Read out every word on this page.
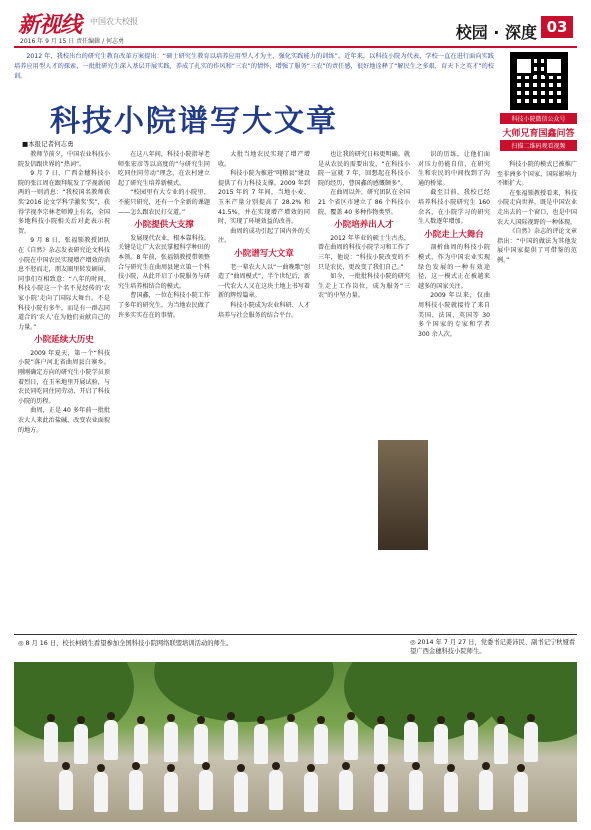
新视线 中国农大校报
2016 年 9 月 15 日 责任编辑 / 何志勇	校园 · 深度 03

2012 年，我校出台的研究生教育改革方案提出：“硕士研究生教育以培养应用型人才为主，强化实践能力的训练”。近年来，以科技小院为代表，学校一直在进行面向实践培养应用型人才的探索，一批批研究生深入基层开展实践，养成了扎实的作风和“三农”的情怀，增强了服务“三农”的责任感，很好地诠释了“解民生之多艰，育天下之英才”的校训。

科技小院微信公众号
大师兄育国鑫问答
扫描二维码观看视频
科技小院谱写大文章
■本报记者何志勇

教师节前夕，中国农业科技小院发信跟世界的“热词”。

9 月 7 日，广西金穗科技小院的张江周在跟拜航发了学视新闻两的一则消息：“我校国名教师获奖‘2016 论文学科学激奖’奖”，获得学视李宗林老师博上有名，全国多地科技小院相关后对此表示祝贺。

9 月 8 日，张福锁教授团队在《自然》杂志发表研究论文科技小院在中国农民实现增产增效的消息不胫而走，朋友圈里转发刷屏，同事们互相致意：“八年的时间，科技小院这一个名不见经传的‘农家小院’走向了国际大舞台。不是科技小院有多牛，而是有一群志同道合的‘农人’在为他们贡献自己的力量。”

小院延续大历史

2009 年夏天，第一个“科技小院”落户河北省曲周县白寨乡。刚刚确定方向的研究生小院学员顶着烈日，在玉米地里开展试验，与农民同吃同住同劳动，开启了科技小院的历程。

曲周，正是 40 多年前一批批农大人来此治盐碱、改变农业面貌的地方。

在这八年间，科技小院指导老师张宏彦等以高度的“与研究生同吃同住同劳动”理念，在农村建立起了研究生培养新模式。

“校园里有大专业的小院里，不能只研究，还有一个全新的课题——怎么跟农民打交道。”

小院提供大支撑

发展现代农业，根本靠科技。关键是让广大农民掌握科学种田的本领。8 年前，张福锁教授带领整合与研究生在曲周县建立第一个科技小院，从此开启了小院服务与研究生培养相结合的模式。

曹国鑫，一位在科技小院工作了多年的研究生，为当地农民做了许多实实在在的事情。

大批当地农民实现了增产增收。

科技小院为推进“吨粮县”建设提供了有力科技支撑。2009 年到 2015 年的 7 年间，当地小麦、玉米产量分别提高了 28.2% 和 41.5%，并在实现增产增效的同时，实现了环境效益的改善。

曲周的成功引起了国内外的关注。

小院谱写大文章

老一辈农大人以“一曲晚歌”创造了“曲周模式”，半个世纪后，新一代农大人又在这块土地上书写着新的辉煌篇章。

科技小院成为农业科研、人才培养与社会服务的结合平台。

也让我的研究日标更明确。就是从农民的需要出发，“在科技小院一宣就 7 年，回想起在科技小院的经历，曹国鑫的感慨颇多”。

在曲周以外，研究团队在全国 21 个省区市建立了 86 个科技小院，覆盖 40 多种作物类型。

小院培养出人才

2012 年毕业的硕士生古杰，曾在曲周的科技小院学习和工作了三年，他说：“科技小院改变的不只是农民，更改变了我们自己。”

如今，一批批科技小院的研究生走上工作岗位，成为服务“三农”的中坚力量。

识的历练，让他们面对压力仍能自信，在研究生和农民的中间找到了沟通的桥梁。

截至目前，我校已经培养科技小院研究生 160 余名，在小院学习的研究生人数逐年增加。

小院走上大舞台

剖析曲周的科技小院模式，作为中国农业实现绿色发展的一种有效途径，这一模式正在被越来越多的国家关注。

2009 年以来，仅曲周科技小院就接待了来自美国、法国、英国等 30 多个国家的专家和学者 300 余人次。

科技小院的模式已被推广至非洲多个国家，国际影响力不断扩大。

在张福锁教授看来，科技小院走向世界，既是中国农业走出去的一个窗口，也是中国农大人国际视野的一种体现。

《自然》杂志的评论文章指出：“中国的做法为其他发展中国家提供了可借鉴的范例。”

◎ 8 月 16 日，校长柯炳生看望参加全国科技小院网络联盟培训活动的师生。	◎ 2014 年 7 月 27 日，党委书记姜沛民、副书记宁秋娅看望广西金穗科技小院师生。
